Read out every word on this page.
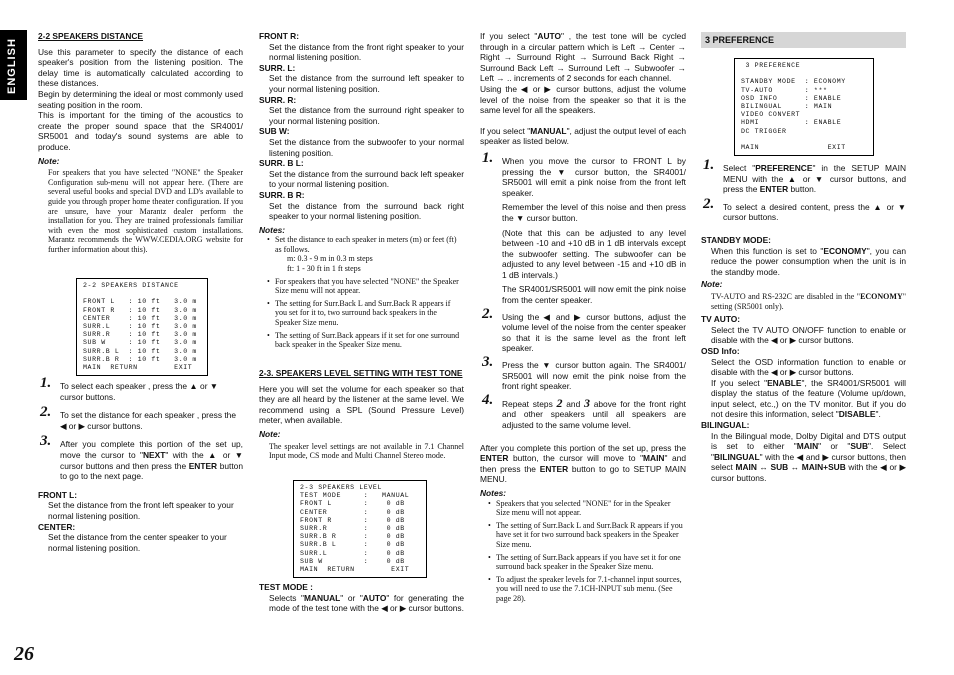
ENGLISH
2-2 SPEAKERS DISTANCE
Use this parameter to specify the distance of each speaker's position from the listening position. The delay time is automatically calculated according to these distances.
Begin by determining the ideal or most commonly used seating position in the room.
This is important for the timing of the acoustics to create the proper sound space that the SR4001/ SR5001 and today's sound systems are able to produce.
Note:
For speakers that you have selected "NONE" the Speaker Configuration sub-menu will not appear here. (There are several useful books and special DVD and LD's available to guide you through proper home theater configuration. If you are unsure, have your Marantz dealer perform the installation for you. They are trained professionals familiar with even the most sophisticated custom installations. Marantz recommends the WWW.CEDIA.ORG website for further information about this).
2-2 SPEAKERS DISTANCE

FRONT L   : 10 ft   3.0 m
FRONT R   : 10 ft   3.0 m
CENTER    : 10 ft   3.0 m
SURR.L    : 10 ft   3.0 m
SURR.R    : 10 ft   3.0 m
SUB W     : 10 ft   3.0 m
SURR.B L  : 10 ft   3.0 m
SURR.B R  : 10 ft   3.0 m
MAIN  RETURN        EXIT
1. To select each speaker , press the ▲ or ▼ cursor buttons.
2. To set the distance for each speaker , press the ◀ or ▶ cursor buttons.
3. After you complete this portion of the set up, move the cursor to "NEXT" with the ▲ or ▼ cursor buttons and then press the ENTER button to go to the next page.
FRONT L:
Set the distance from the front left speaker to your normal listening position.
CENTER:
Set the distance from the center speaker to your normal listening position.
FRONT R:
Set the distance from the front right speaker to your normal listening position.
SURR. L:
Set the distance from the surround left speaker to your normal listening position.
SURR. R:
Set the distance from the surround right speaker to your normal listening position.
SUB W:
Set the distance from the subwoofer to your normal listening position.
SURR. B L:
Set the distance from the surround back left speaker to your normal listening position.
SURR. B R:
Set the distance from the surround back right speaker to your normal listening position.
Notes:
• Set the distance to each speaker in meters (m) or feet (ft) as follows.
m: 0.3 - 9 m in 0.3 m steps
ft: 1 - 30 ft in 1 ft steps
• For speakers that you have selected "NONE" the Speaker Size menu will not appear.
• The setting for Surr.Back L and Surr.Back R appears if you set for it to, two surround back speakers in the Speaker Size menu.
• The setting of Surr.Back appears if it set for one surround back speaker in the Speaker Size menu.
2-3. SPEAKERS LEVEL SETTING WITH TEST TONE
Here you will set the volume for each speaker so that they are all heard by the listener at the same level. We recommend using a SPL (Sound Pressure Level) meter, when available.
Note:
The speaker level settings are not available in 7.1 Channel Input mode, CS mode and Multi Channel Stereo mode.
2-3 SPEAKERS LEVEL
TEST MODE     :   MANUAL
FRONT L       :    0 dB
CENTER        :    0 dB
FRONT R       :    0 dB
SURR.R        :    0 dB
SURR.B R      :    0 dB
SURR.B L      :    0 dB
SURR.L        :    0 dB
SUB W         :    0 dB
MAIN  RETURN        EXIT
TEST MODE :
Selects "MANUAL" or "AUTO" for generating the mode of the test tone with the ◀ or ▶ cursor buttons.
If you select "AUTO" , the test tone will be cycled through in a circular pattern which is Left → Center → Right → Surround Right → Surround Back Right → Surround Back Left → Surround Left → Subwoofer → Left → .. increments of 2 seconds for each channel.
Using the ◀ or ▶ cursor buttons, adjust the volume level of the noise from the speaker so that it is the same level for all the speakers.
If you select "MANUAL", adjust the output level of each speaker as listed below.
1. When you move the cursor to FRONT L by pressing the ▼ cursor button, the SR4001/ SR5001 will emit a pink noise from the front left speaker.
Remember the level of this noise and then press the ▼ cursor button.
(Note that this can be adjusted to any level between -10 and +10 dB in 1 dB intervals except the subwoofer setting. The subwoofer can be adjusted to any level between -15 and +10 dB in 1 dB intervals.)
The SR4001/SR5001 will now emit the pink noise from the center speaker.
2. Using the ◀ and ▶ cursor buttons, adjust the volume level of the noise from the center speaker so that it is the same level as the front left speaker.
3. Press the ▼ cursor button again. The SR4001/ SR5001 will now emit the pink noise from the front right speaker.
4. Repeat steps 2 and 3 above for the front right and other speakers until all speakers are adjusted to the same volume level.
After you complete this portion of the set up, press the ENTER button, the cursor will move to "MAIN" and then press the ENTER button to go to SETUP MAIN MENU.
Notes:
• Speakers that you selected "NONE" for in the Speaker Size menu will not appear.
• The setting of Surr.Back L and Surr.Back R appears if you have set it for two surround back speakers in the Speaker Size menu.
• The setting of Surr.Back appears if you have set it for one surround back speaker in the Speaker Size menu.
• To adjust the speaker levels for 7.1-channel input sources, you will need to use the 7.1CH-INPUT sub menu. (See page 28).
3 PREFERENCE
3 PREFERENCE

STANDBY MODE  : ECONOMY
TV-AUTO       : ***
OSD INFO      : ENABLE
BILINGUAL     : MAIN
VIDEO CONVERT
HDMI          : ENABLE
DC TRIGGER

MAIN               EXIT
1. Select "PREFERENCE" in the SETUP MAIN MENU with the ▲ or ▼ cursor buttons, and press the ENTER button.
2. To select a desired content, press the ▲ or ▼ cursor buttons.
STANDBY MODE:
When this function is set to "ECONOMY", you can reduce the power consumption when the unit is in the standby mode.
Note:
TV-AUTO and RS-232C are disabled in the "ECONOMY" setting (SR5001 only).
TV AUTO:
Select the TV AUTO ON/OFF function to enable or disable with the ◀ or ▶ cursor buttons.
OSD Info:
Select the OSD information function to enable or disable with the ◀ or ▶ cursor buttons.
If you select "ENABLE", the SR4001/SR5001 will display the status of the feature (Volume up/down, input select, etc.,) on the TV monitor. But if you do not desire this information, select "DISABLE".
BILINGUAL:
In the Bilingual mode, Dolby Digital and DTS output is set to either "MAIN" or "SUB". Select "BILINGUAL" with the ◀ and ▶ cursor buttons, then select MAIN ↔ SUB ↔ MAIN+SUB with the ◀ or ▶ cursor buttons.
26
